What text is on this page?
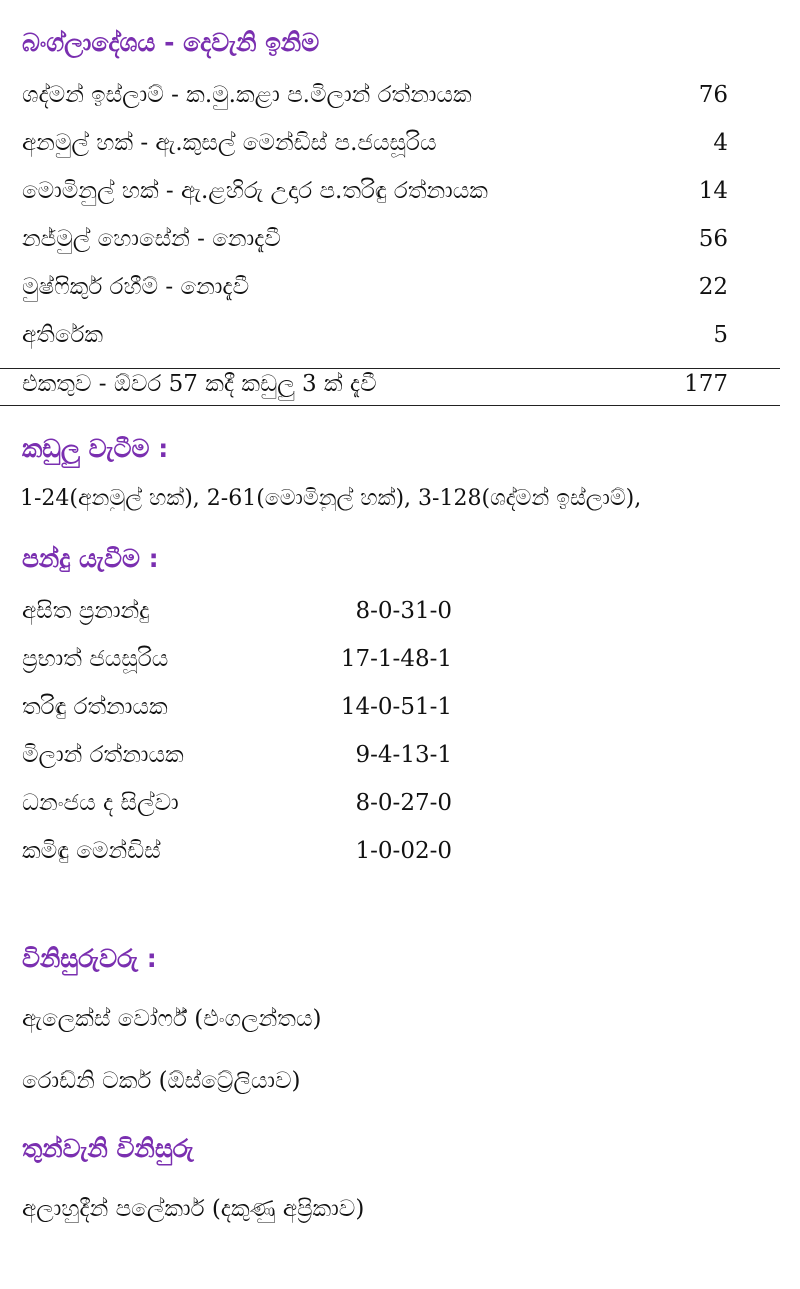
බංග්ලාදේශය - දෙවැනි ඉනිම
ශද්මන් ඉස්ලාම් - ක.මු.කළා ප.මිලාන් රත්නායක	76
අනමුල් හක් - ඇ.කුසල් මෙන්ඩිස් ප.ජයසූරිය	4
මොමිනුල් හක් - ඇ.ළහිරු උදාර ප.තරිඳු රත්නායක	14
නජ්මුල් හොසේන් - නොදැවී	56
මුෂ්ෆිකුර් රහීම් - නොදැවී	22
අතිරේක	5
එකතුව - ඕවර 57 කදී කඩුලු 3 ක් දැවී	177
කඩුලු වැටීම :
1-24(අනමුල් හක්), 2-61(මොමිනුල් හක්), 3-128(ශද්මන් ඉස්ලාම්),
පන්දු යැවීම :
අසිත ප්‍රනාන්දු	8-0-31-0
ප්‍රභාත් ජයසූරිය	17-1-48-1
තරිඳු රත්නායක	14-0-51-1
මිලාන් රත්නායක	9-4-13-1
ධනංජය ද සිල්වා	8-0-27-0
කමිඳු මෙන්ඩිස්	1-0-02-0
විනිසුරුවරු :
ඇලෙක්ස් වෝර්ෆ් (එංගලන්තය)
රොඩ්නි ටකර් (ඕස්ට්‍රේලියාව)
තුන්වැනි විනිසුරු
අලාහුදීන් පලේකාර් (දකුණු අප්‍රිකාව)
